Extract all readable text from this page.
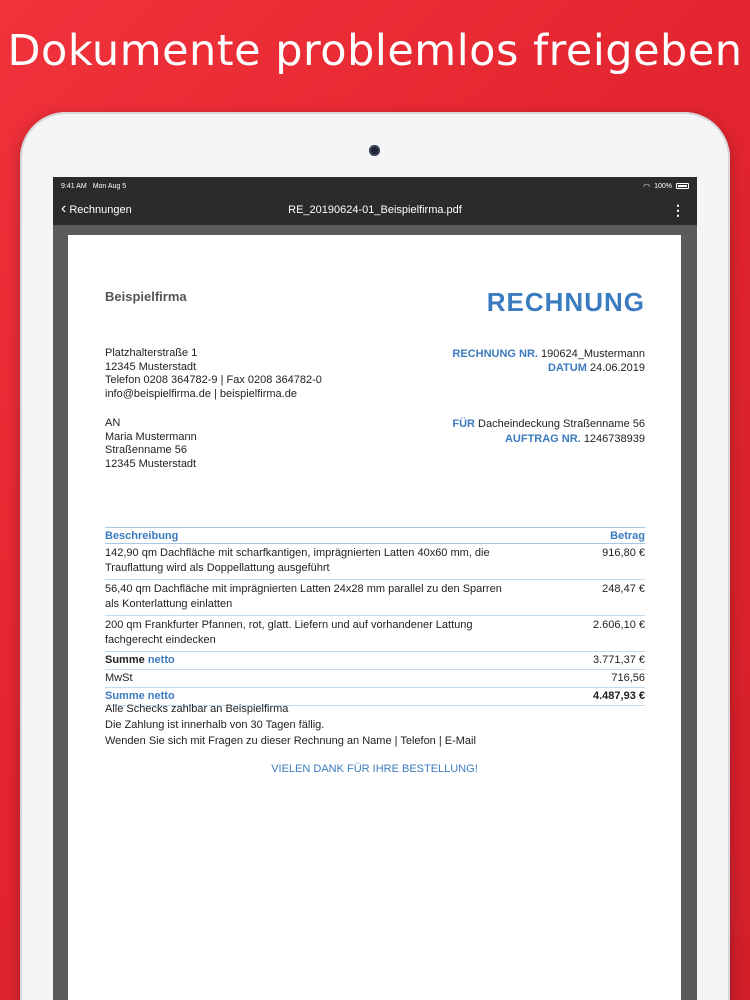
Dokumente problemlos freigeben
9:41 AM Mon Aug 5	◠ 100%
‹ Rechnungen	RE_20190624-01_Beispielfirma.pdf	⋮
Beispielfirma	RECHNUNG
Platzhalterstraße 1
12345 Musterstadt
Telefon 0208 364782-9 | Fax 0208 364782-0
info@beispielfirma.de | beispielfirma.de
RECHNUNG NR. 190624_Mustermann
DATUM 24.06.2019
AN
Maria Mustermann
Straßenname 56
12345 Musterstadt
FÜR Dacheindeckung Straßenname 56
AUFTRAG NR. 1246738939
Beschreibung	Betrag
142,90 qm Dachfläche mit scharfkantigen, imprägnierten Latten 40x60 mm, die
Trauflattung wird als Doppellattung ausgeführt
916,80 €
56,40 qm Dachfläche mit imprägnierten Latten 24x28 mm parallel zu den Sparren
als Konterlattung einlatten
248,47 €
200 qm Frankfurter Pfannen, rot, glatt. Liefern und auf vorhandener Lattung
fachgerecht eindecken
2.606,10 €
Summe netto	3.771,37 €
MwSt	716,56
Summe netto	4.487,93 €
Alle Schecks zahlbar an Beispielfirma
Die Zahlung ist innerhalb von 30 Tagen fällig.
Wenden Sie sich mit Fragen zu dieser Rechnung an Name | Telefon | E-Mail
VIELEN DANK FÜR IHRE BESTELLUNG!
